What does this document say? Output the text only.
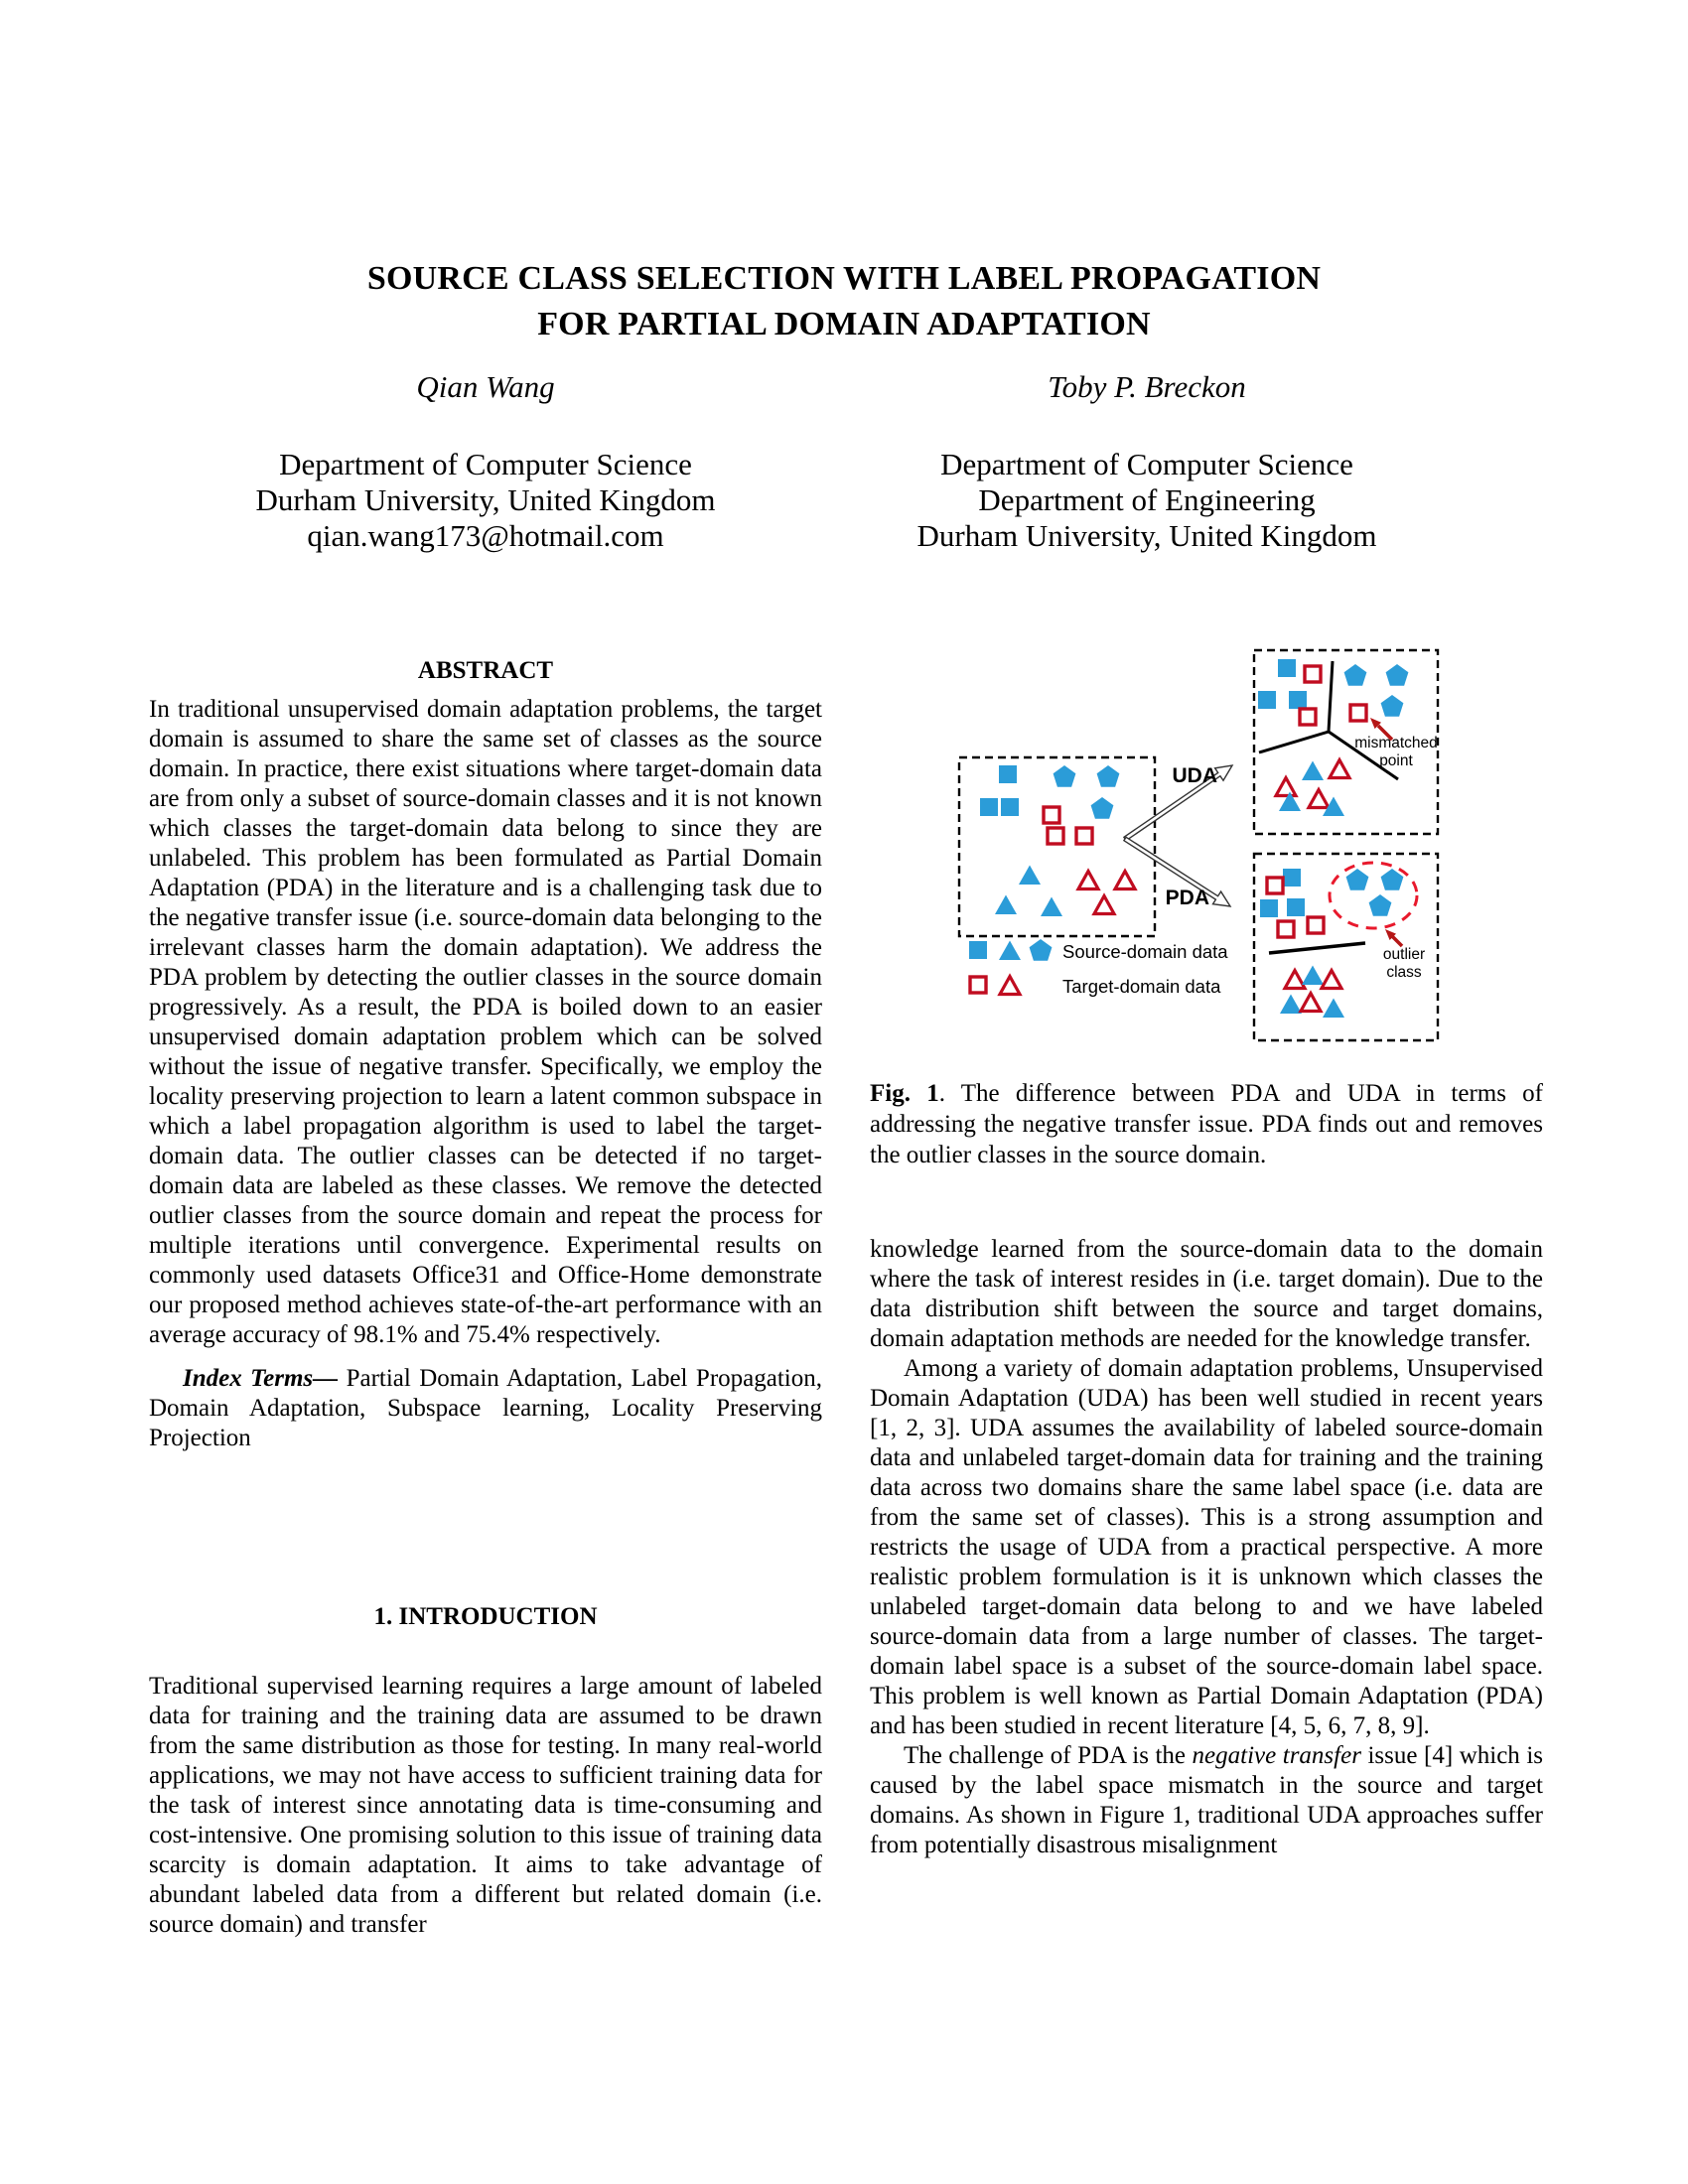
SOURCE CLASS SELECTION WITH LABEL PROPAGATION
FOR PARTIAL DOMAIN ADAPTATION
Qian Wang	Toby P. Breckon
Department of Computer Science
Durham University, United Kingdom
qian.wang173@hotmail.com
Department of Computer Science
Department of Engineering
Durham University, United Kingdom
ABSTRACT

In traditional unsupervised domain adaptation problems, the target domain is assumed to share the same set of classes as the source domain. In practice, there exist situations where target-domain data are from only a subset of source-domain classes and it is not known which classes the target-domain data belong to since they are unlabeled. This problem has been formulated as Partial Domain Adaptation (PDA) in the literature and is a challenging task due to the negative transfer issue (i.e. source-domain data belonging to the irrelevant classes harm the domain adaptation). We address the PDA problem by detecting the outlier classes in the source domain progressively. As a result, the PDA is boiled down to an easier unsupervised domain adaptation problem which can be solved without the issue of negative transfer. Specifically, we employ the locality preserving projection to learn a latent common subspace in which a label propagation algorithm is used to label the target-domain data. The outlier classes can be detected if no target-domain data are labeled as these classes. We remove the detected outlier classes from the source domain and repeat the process for multiple iterations until convergence. Experimental results on commonly used datasets Office31 and Office-Home demonstrate our proposed method achieves state-of-the-art performance with an average accuracy of 98.1% and 75.4% respectively.

Index Terms— Partial Domain Adaptation, Label Propagation, Domain Adaptation, Subspace learning, Locality Preserving Projection

1. INTRODUCTION

Traditional supervised learning requires a large amount of labeled data for training and the training data are assumed to be drawn from the same distribution as those for testing. In many real-world applications, we may not have access to sufficient training data for the task of interest since annotating data is time-consuming and cost-intensive. One promising solution to this issue of training data scarcity is domain adaptation. It aims to take advantage of abundant labeled data from a different but related domain (i.e. source domain) and transfer

UDA
PDA
mismatched
point
outlier
class
Source-domain data
Target-domain data
Fig. 1. The difference between PDA and UDA in terms of addressing the negative transfer issue. PDA finds out and removes the outlier classes in the source domain.

knowledge learned from the source-domain data to the domain where the task of interest resides in (i.e. target domain). Due to the data distribution shift between the source and target domains, domain adaptation methods are needed for the knowledge transfer.

Among a variety of domain adaptation problems, Unsupervised Domain Adaptation (UDA) has been well studied in recent years [1, 2, 3]. UDA assumes the availability of labeled source-domain data and unlabeled target-domain data for training and the training data across two domains share the same label space (i.e. data are from the same set of classes). This is a strong assumption and restricts the usage of UDA from a practical perspective. A more realistic problem formulation is it is unknown which classes the unlabeled target-domain data belong to and we have labeled source-domain data from a large number of classes. The target-domain label space is a subset of the source-domain label space. This problem is well known as Partial Domain Adaptation (PDA) and has been studied in recent literature [4, 5, 6, 7, 8, 9].

The challenge of PDA is the negative transfer issue [4] which is caused by the label space mismatch in the source and target domains. As shown in Figure 1, traditional UDA approaches suffer from potentially disastrous misalignment
